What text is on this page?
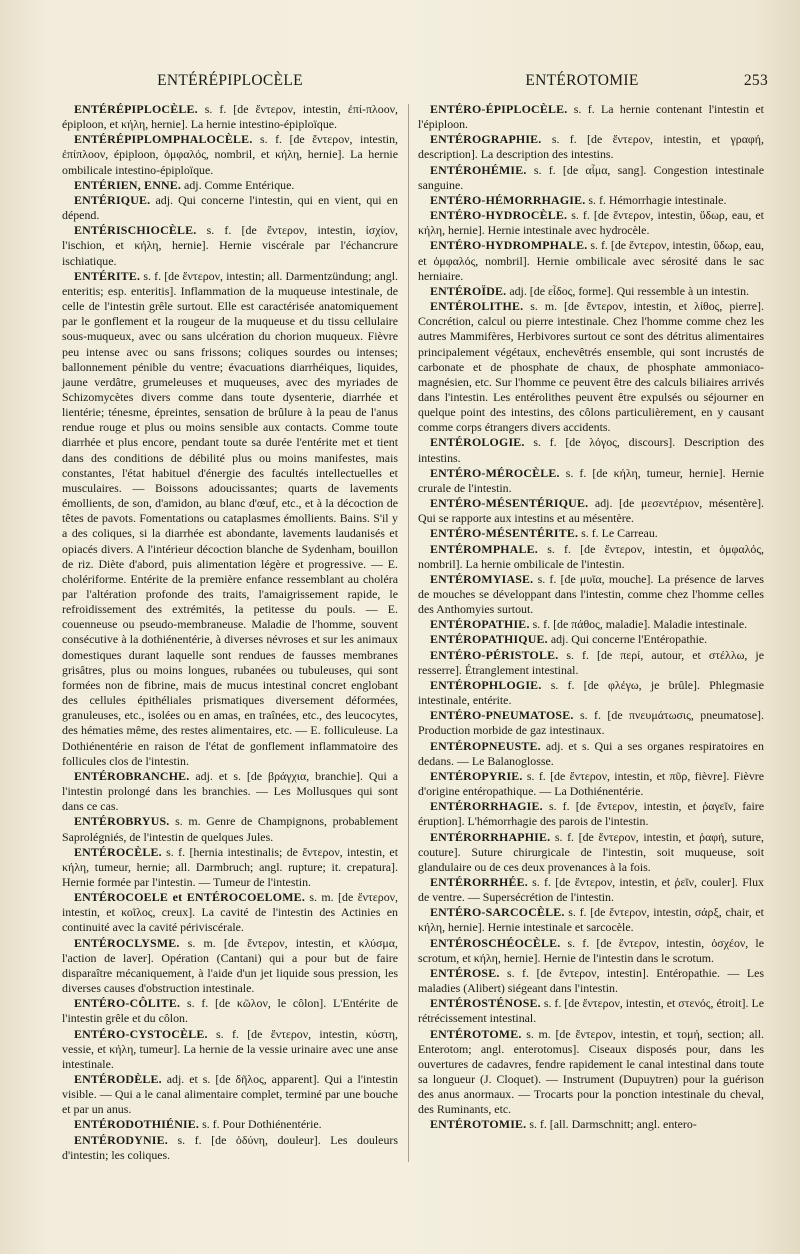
ENTÉRÉPIPLOCÈLE	ENTÉROTOMIE	253

ENTÉRÉPIPLOCÈLE. s. f. [de ἔντερον, intestin, ἐπί-πλοον, épiploon, et κήλη, hernie]. La hernie intestino-épiploïque.

ENTÉRÉPIPLOMPHALOCÈLE. s. f. [de ἔντερον, intestin, ἐπίπλοον, épiploon, ὀμφαλός, nombril, et κήλη, hernie]. La hernie ombilicale intestino-épiploïque.

ENTÉRIEN, ENNE. adj. Comme Entérique.

ENTÉRIQUE. adj. Qui concerne l'intestin, qui en vient, qui en dépend.

ENTÉRISCHIOCÈLE. s. f. [de ἔντερον, intestin, ἰσχίον, l'ischion, et κήλη, hernie]. Hernie viscérale par l'échancrure ischiatique.

ENTÉRITE. s. f. [de ἔντερον, intestin; all. Darmentzündung; angl. enteritis; esp. enteritis]. Inflammation de la muqueuse intestinale, de celle de l'intestin grêle surtout. Elle est caractérisée anatomiquement par le gonflement et la rougeur de la muqueuse et du tissu cellulaire sous-muqueux, avec ou sans ulcération du chorion muqueux. Fièvre peu intense avec ou sans frissons; coliques sourdes ou intenses; ballonnement pénible du ventre; évacuations diarrhéiques, liquides, jaune verdâtre, grumeleuses et muqueuses, avec des myriades de Schizomycètes divers comme dans toute dysenterie, diarrhée et lientérie; ténesme, épreintes, sensation de brûlure à la peau de l'anus rendue rouge et plus ou moins sensible aux contacts. Comme toute diarrhée et plus encore, pendant toute sa durée l'entérite met et tient dans des conditions de débilité plus ou moins manifestes, mais constantes, l'état habituel d'énergie des facultés intellectuelles et musculaires. — Boissons adoucissantes; quarts de lavements émollients, de son, d'amidon, au blanc d'œuf, etc., et à la décoction de têtes de pavots. Fomentations ou cataplasmes émollients. Bains. S'il y a des coliques, si la diarrhée est abondante, lavements laudanisés et opiacés divers. A l'intérieur décoction blanche de Sydenham, bouillon de riz. Diète d'abord, puis alimentation légère et progressive. — E. cholériforme. Entérite de la première enfance ressemblant au choléra par l'altération profonde des traits, l'amaigrissement rapide, le refroidissement des extrémités, la petitesse du pouls. — E. couenneuse ou pseudo-membraneuse. Maladie de l'homme, souvent consécutive à la dothiénentérie, à diverses névroses et sur les animaux domestiques durant laquelle sont rendues de fausses membranes grisâtres, plus ou moins longues, rubanées ou tubuleuses, qui sont formées non de fibrine, mais de mucus intestinal concret englobant des cellules épithéliales prismatiques diversement déformées, granuleuses, etc., isolées ou en amas, en traînées, etc., des leucocytes, des hématies même, des restes alimentaires, etc. — E. folliculeuse. La Dothiénentérie en raison de l'état de gonflement inflammatoire des follicules clos de l'intestin.

ENTÉROBRANCHE. adj. et s. [de βράγχια, branchie]. Qui a l'intestin prolongé dans les branchies. — Les Mollusques qui sont dans ce cas.

ENTÉROBRYUS. s. m. Genre de Champignons, probablement Saprolégniés, de l'intestin de quelques Jules.

ENTÉROCÈLE. s. f. [hernia intestinalis; de ἔντερον, intestin, et κήλη, tumeur, hernie; all. Darmbruch; angl. rupture; it. crepatura]. Hernie formée par l'intestin. — Tumeur de l'intestin.

ENTÉROCOELE et ENTÉROCOELOME. s. m. [de ἔντερον, intestin, et κοῖλος, creux]. La cavité de l'intestin des Actinies en continuité avec la cavité périviscérale.

ENTÉROCLYSME. s. m. [de ἔντερον, intestin, et κλύσμα, l'action de laver]. Opération (Cantani) qui a pour but de faire disparaître mécaniquement, à l'aide d'un jet liquide sous pression, les diverses causes d'obstruction intestinale.

ENTÉRO-CÔLITE. s. f. [de κῶλον, le côlon]. L'Entérite de l'intestin grêle et du côlon.

ENTÉRO-CYSTOCÈLE. s. f. [de ἔντερον, intestin, κύστη, vessie, et κήλη, tumeur]. La hernie de la vessie urinaire avec une anse intestinale.

ENTÉRODÈLE. adj. et s. [de δῆλος, apparent]. Qui a l'intestin visible. — Qui a le canal alimentaire complet, terminé par une bouche et par un anus.

ENTÉRODOTHIÉNIE. s. f. Pour Dothiénentérie.

ENTÉRODYNIE. s. f. [de ὀδύνη, douleur]. Les douleurs d'intestin; les coliques.

ENTÉRO-ÉPIPLOCÈLE. s. f. La hernie contenant l'intestin et l'épiploon.

ENTÉROGRAPHIE. s. f. [de ἔντερον, intestin, et γραφή, description]. La description des intestins.

ENTÉROHÉMIE. s. f. [de αἷμα, sang]. Congestion intestinale sanguine.

ENTÉRO-HÉMORRHAGIE. s. f. Hémorrhagie intestinale.

ENTÉRO-HYDROCÈLE. s. f. [de ἔντερον, intestin, ὕδωρ, eau, et κήλη, hernie]. Hernie intestinale avec hydrocèle.

ENTÉRO-HYDROMPHALE. s. f. [de ἔντερον, intestin, ὕδωρ, eau, et ὀμφαλός, nombril]. Hernie ombilicale avec sérosité dans le sac herniaire.

ENTÉROÏDE. adj. [de εἶδος, forme]. Qui ressemble à un intestin.

ENTÉROLITHE. s. m. [de ἔντερον, intestin, et λίθος, pierre]. Concrétion, calcul ou pierre intestinale. Chez l'homme comme chez les autres Mammifères, Herbivores surtout ce sont des détritus alimentaires principalement végétaux, enchevêtrés ensemble, qui sont incrustés de carbonate et de phosphate de chaux, de phosphate ammoniaco-magnésien, etc. Sur l'homme ce peuvent être des calculs biliaires arrivés dans l'intestin. Les entérolithes peuvent être expulsés ou séjourner en quelque point des intestins, des côlons particulièrement, en y causant comme corps étrangers divers accidents.

ENTÉROLOGIE. s. f. [de λόγος, discours]. Description des intestins.

ENTÉRO-MÉROCÈLE. s. f. [de κήλη, tumeur, hernie]. Hernie crurale de l'intestin.

ENTÉRO-MÉSENTÉRIQUE. adj. [de μεσεντέριον, mésentère]. Qui se rapporte aux intestins et au mésentère.

ENTÉRO-MÉSENTÉRITE. s. f. Le Carreau.

ENTÉROMPHALE. s. f. [de ἔντερον, intestin, et ὀμφαλός, nombril]. La hernie ombilicale de l'intestin.

ENTÉROMYIASE. s. f. [de μυῖα, mouche]. La présence de larves de mouches se développant dans l'intestin, comme chez l'homme celles des Anthomyies surtout.

ENTÉROPATHIE. s. f. [de πάθος, maladie]. Maladie intestinale.

ENTÉROPATHIQUE. adj. Qui concerne l'Entéropathie.

ENTÉRO-PÉRISTOLE. s. f. [de περί, autour, et στέλλω, je resserre]. Étranglement intestinal.

ENTÉROPHLOGIE. s. f. [de φλέγω, je brûle]. Phlegmasie intestinale, entérite.

ENTÉRO-PNEUMATOSE. s. f. [de πνευμάτωσις, pneumatose]. Production morbide de gaz intestinaux.

ENTÉROPNEUSTE. adj. et s. Qui a ses organes respiratoires en dedans. — Le Balanoglosse.

ENTÉROPYRIE. s. f. [de ἔντερον, intestin, et πῦρ, fièvre]. Fièvre d'origine entéropathique. — La Dothiénentérie.

ENTÉRORRHAGIE. s. f. [de ἔντερον, intestin, et ῥαγεῖν, faire éruption]. L'hémorrhagie des parois de l'intestin.

ENTÉRORRHAPHIE. s. f. [de ἔντερον, intestin, et ῥαφή, suture, couture]. Suture chirurgicale de l'intestin, soit muqueuse, soit glandulaire ou de ces deux provenances à la fois.

ENTÉRORRHÉE. s. f. [de ἔντερον, intestin, et ῥεῖν, couler]. Flux de ventre. — Supersécrétion de l'intestin.

ENTÉRO-SARCOCÈLE. s. f. [de ἔντερον, intestin, σάρξ, chair, et κήλη, hernie]. Hernie intestinale et sarcocèle.

ENTÉROSCHÉOCÈLE. s. f. [de ἔντερον, intestin, ὀσχέον, le scrotum, et κήλη, hernie]. Hernie de l'intestin dans le scrotum.

ENTÉROSE. s. f. [de ἔντερον, intestin]. Entéropathie. — Les maladies (Alibert) siégeant dans l'intestin.

ENTÉROSTÉNOSE. s. f. [de ἔντερον, intestin, et στενός, étroit]. Le rétrécissement intestinal.

ENTÉROTOME. s. m. [de ἔντερον, intestin, et τομή, section; all. Enterotom; angl. enterotomus]. Ciseaux disposés pour, dans les ouvertures de cadavres, fendre rapidement le canal intestinal dans toute sa longueur (J. Cloquet). — Instrument (Dupuytren) pour la guérison des anus anormaux. — Trocarts pour la ponction intestinale du cheval, des Ruminants, etc.

ENTÉROTOMIE. s. f. [all. Darmschnitt; angl. entero-
